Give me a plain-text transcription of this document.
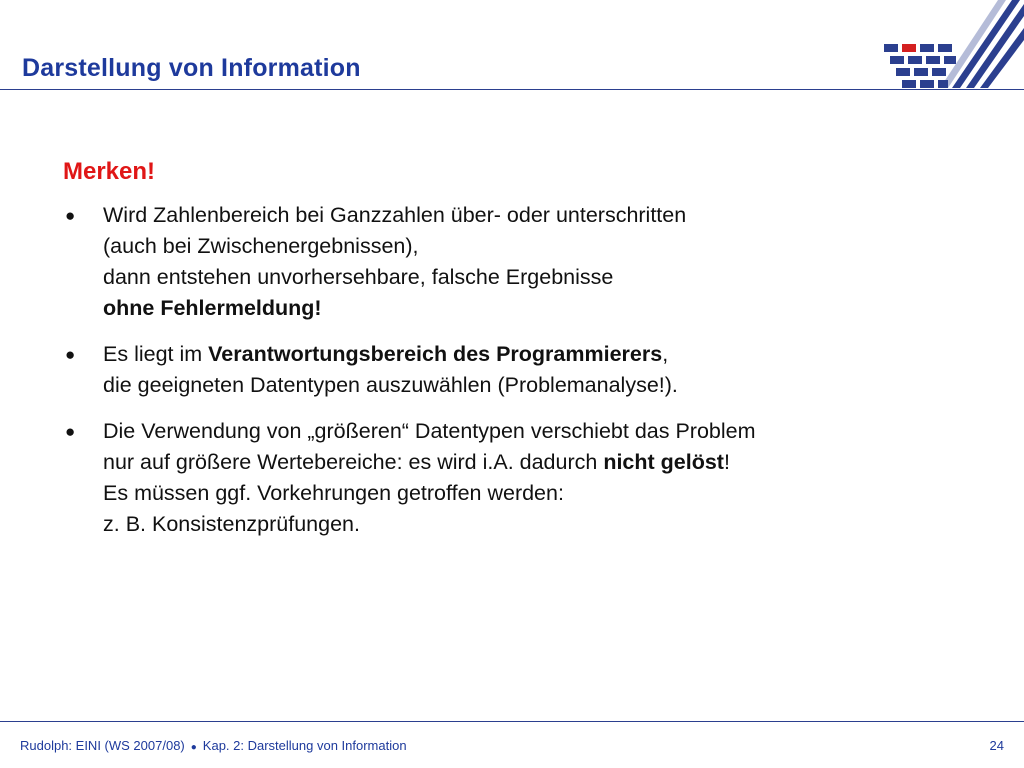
Darstellung von Information
Merken!
● Wird Zahlenbereich bei Ganzzahlen über- oder unterschritten
(auch bei Zwischenergebnissen),
dann entstehen unvorhersehbare, falsche Ergebnisse
ohne Fehlermeldung!
● Es liegt im Verantwortungsbereich des Programmierers,
die geeigneten Datentypen auszuwählen (Problemanalyse!).
● Die Verwendung von „größeren“ Datentypen verschiebt das Problem
nur auf größere Wertebereiche: es wird i.A. dadurch nicht gelöst!
Es müssen ggf. Vorkehrungen getroffen werden:
z. B. Konsistenzprüfungen.
Rudolph: EINI (WS 2007/08) ● Kap. 2: Darstellung von Information	24
